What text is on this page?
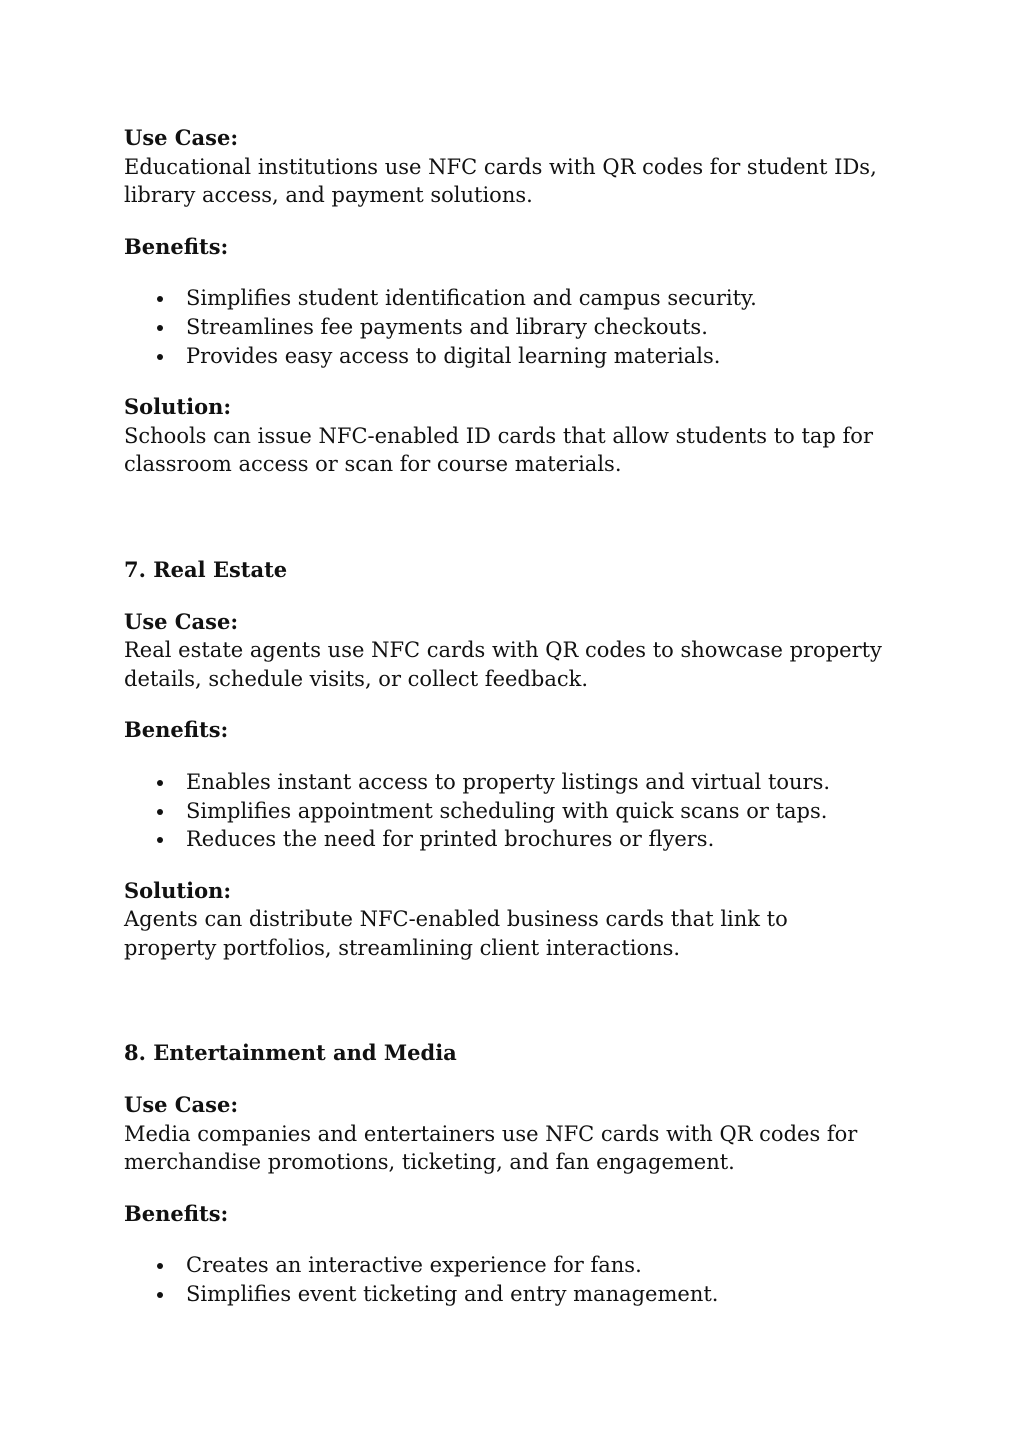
Use Case:

Educational institutions use NFC cards with QR codes for student IDs, library access, and payment solutions.

Benefits:

Simplifies student identification and campus security.
Streamlines fee payments and library checkouts.
Provides easy access to digital learning materials.

Solution:

Schools can issue NFC-enabled ID cards that allow students to tap for classroom access or scan for course materials.

7. Real Estate

Use Case:

Real estate agents use NFC cards with QR codes to showcase property details, schedule visits, or collect feedback.

Benefits:

Enables instant access to property listings and virtual tours.
Simplifies appointment scheduling with quick scans or taps.
Reduces the need for printed brochures or flyers.

Solution:

Agents can distribute NFC-enabled business cards that link to property portfolios, streamlining client interactions.

8. Entertainment and Media

Use Case:

Media companies and entertainers use NFC cards with QR codes for merchandise promotions, ticketing, and fan engagement.

Benefits:

Creates an interactive experience for fans.
Simplifies event ticketing and entry management.
